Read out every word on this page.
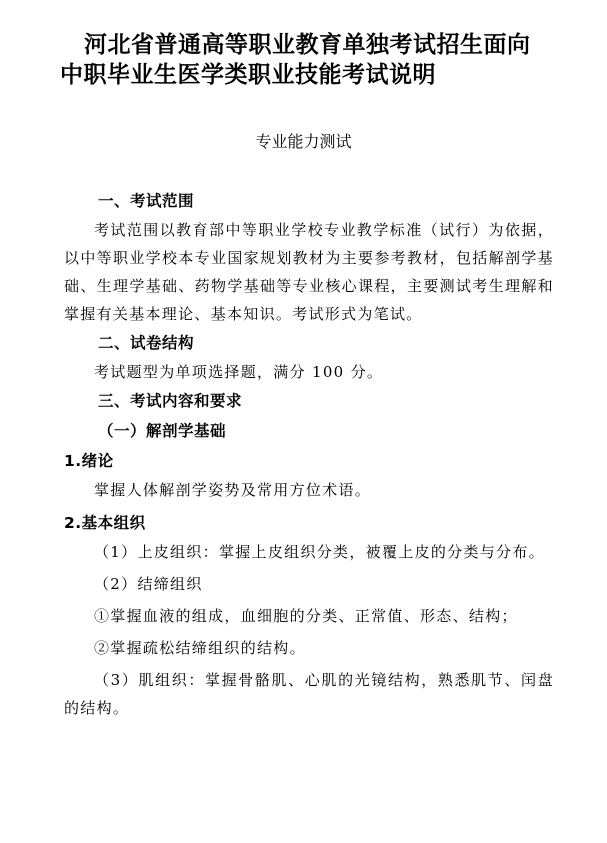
河北省普通高等职业教育单独考试招生面向
中职毕业生医学类职业技能考试说明
专业能力测试

一、考试范围

考试范围以教育部中等职业学校专业教学标准（试行）为依据，以中等职业学校本专业国家规划教材为主要参考教材，包括解剖学基础、生理学基础、药物学基础等专业核心课程，主要测试考生理解和掌握有关基本理论、基本知识。考试形式为笔试。

二、试卷结构

考试题型为单项选择题，满分 100 分。

三、考试内容和要求

（一）解剖学基础

1.绪论

掌握人体解剖学姿势及常用方位术语。

2.基本组织

（1）上皮组织：掌握上皮组织分类，被覆上皮的分类与分布。

（2）结缔组织

①掌握血液的组成，血细胞的分类、正常值、形态、结构；

②掌握疏松结缔组织的结构。

（3）肌组织：掌握骨骼肌、心肌的光镜结构，熟悉肌节、闰盘的结构。
